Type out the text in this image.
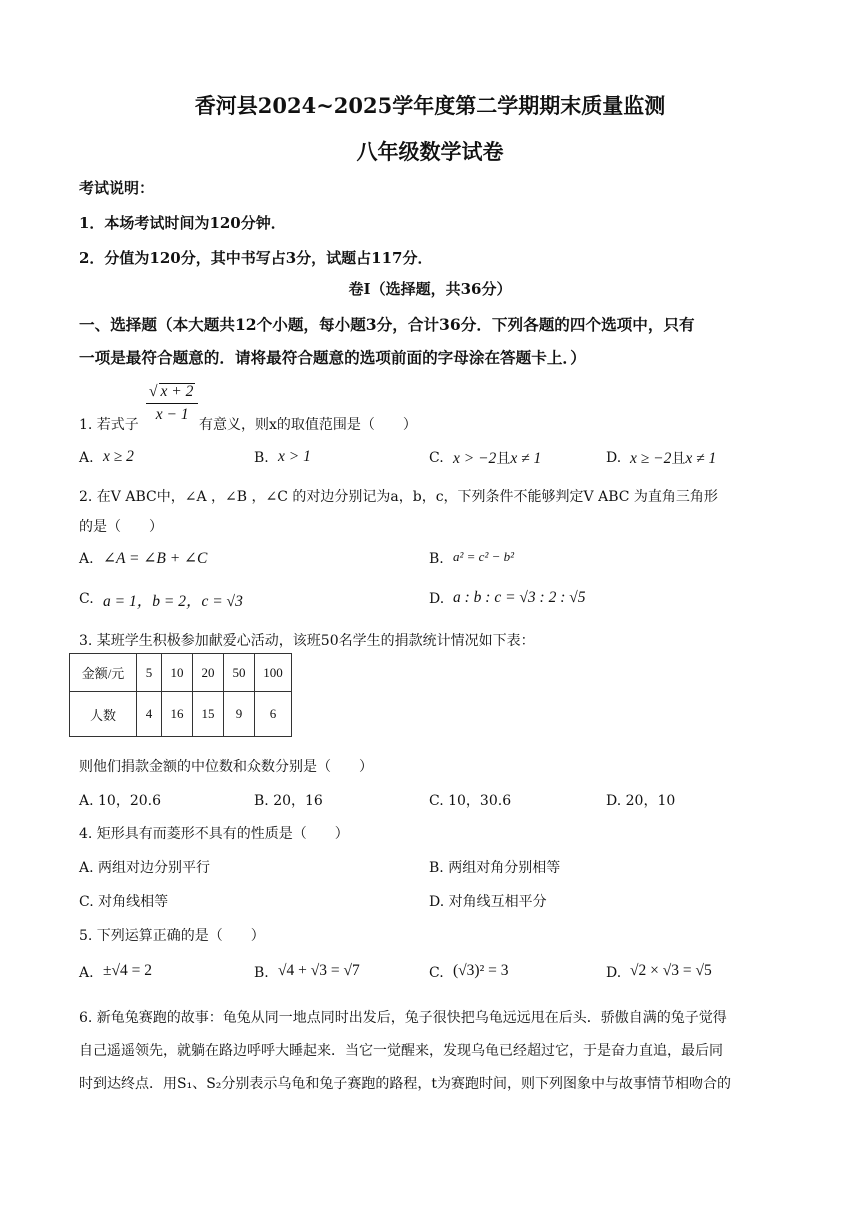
香河县2024~2025学年度第二学期期末质量监测
八年级数学试卷
考试说明：
1．本场考试时间为120分钟．
2．分值为120分，其中书写占3分，试题占117分．
卷Ⅰ（选择题，共36分）
一、选择题（本大题共12个小题，每小题3分，合计36分．下列各题的四个选项中，只有
一项是最符合题意的．请将最符合题意的选项前面的字母涂在答题卡上．）
1. 若式子
$\frac{√ x + 2}{x - 1}$
有意义，则x的取值范围是（　　）
A. x ≥ 2	B. x > 1	C. x > −2且x ≠ 1	D. x ≥ −2且x ≠ 1
2. 在V ABC中，∠A ，∠B ，∠C 的对边分别记为a，b，c，下列条件不能够判定V ABC 为直角三角形
的是（　　）
A. ∠A = ∠B + ∠C	B. a² = c² − b²
C. a = 1，b = 2，c = √3	D. a : b : c = √3 : 2 : √5
3. 某班学生积极参加献爱心活动，该班50名学生的捐款统计情况如下表：
金额/元	5	10	20	50	100
人数	4	16	15	9	6
则他们捐款金额的中位数和众数分别是（　　）
A. 10，20.6	B. 20，16	C. 10，30.6	D. 20，10
4. 矩形具有而菱形不具有的性质是（　　）
A. 两组对边分别平行	B. 两组对角分别相等
C. 对角线相等	D. 对角线互相平分
5. 下列运算正确的是（　　）
A. ±√4 = 2	B. √4 + √3 = √7	C. (√3)² = 3	D. √2 × √3 = √5
6. 新龟兔赛跑的故事：龟兔从同一地点同时出发后，兔子很快把乌龟远远甩在后头．骄傲自满的兔子觉得
自己遥遥领先，就躺在路边呼呼大睡起来．当它一觉醒来，发现乌龟已经超过它，于是奋力直追，最后同
时到达终点．用S₁、S₂分别表示乌龟和兔子赛跑的路程，t为赛跑时间，则下列图象中与故事情节相吻合的
